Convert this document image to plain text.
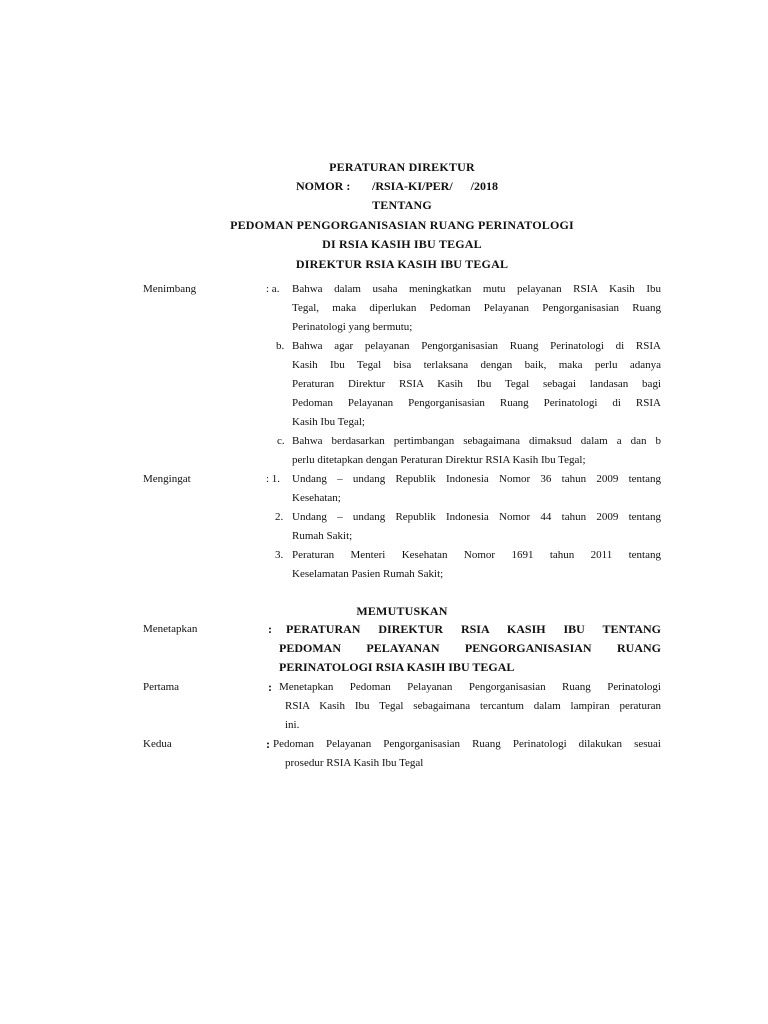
PERATURAN DIREKTUR
NOMOR : /RSIA-KI/PER/      /2018
TENTANG
PEDOMAN PENGORGANISASIAN RUANG PERINATOLOGI
DI RSIA KASIH IBU TEGAL
DIREKTUR RSIA KASIH IBU TEGAL
Menimbang	: a. Bahwa dalam usaha meningkatkan mutu pelayanan RSIA Kasih Ibu
Tegal, maka diperlukan Pedoman Pelayanan Pengorganisasian Ruang
Perinatologi yang bermutu;
b. Bahwa agar pelayanan Pengorganisasian Ruang Perinatologi di RSIA
Kasih Ibu Tegal bisa terlaksana dengan baik, maka perlu adanya
Peraturan Direktur RSIA Kasih Ibu Tegal sebagai landasan bagi
Pedoman Pelayanan Pengorganisasian Ruang Perinatologi di RSIA
Kasih Ibu Tegal;
c. Bahwa berdasarkan pertimbangan sebagaimana dimaksud dalam a dan b
perlu ditetapkan dengan Peraturan Direktur RSIA Kasih Ibu Tegal;
Mengingat	: 1. Undang – undang Republik Indonesia Nomor 36 tahun 2009 tentang
Kesehatan;
2. Undang – undang Republik Indonesia Nomor 44 tahun 2009 tentang
Rumah Sakit;
3. Peraturan Menteri Kesehatan Nomor 1691 tahun 2011 tentang
Keselamatan Pasien Rumah Sakit;
MEMUTUSKAN
Menetapkan	: PERATURAN DIREKTUR RSIA KASIH IBU TENTANG
PEDOMAN PELAYANAN PENGORGANISASIAN RUANG
PERINATOLOGI RSIA KASIH IBU TEGAL
Pertama	: Menetapkan Pedoman Pelayanan Pengorganisasian Ruang Perinatologi
RSIA Kasih Ibu Tegal sebagaimana tercantum dalam lampiran peraturan
ini.
Kedua	: Pedoman Pelayanan Pengorganisasian Ruang Perinatologi dilakukan sesuai
prosedur RSIA Kasih Ibu Tegal
